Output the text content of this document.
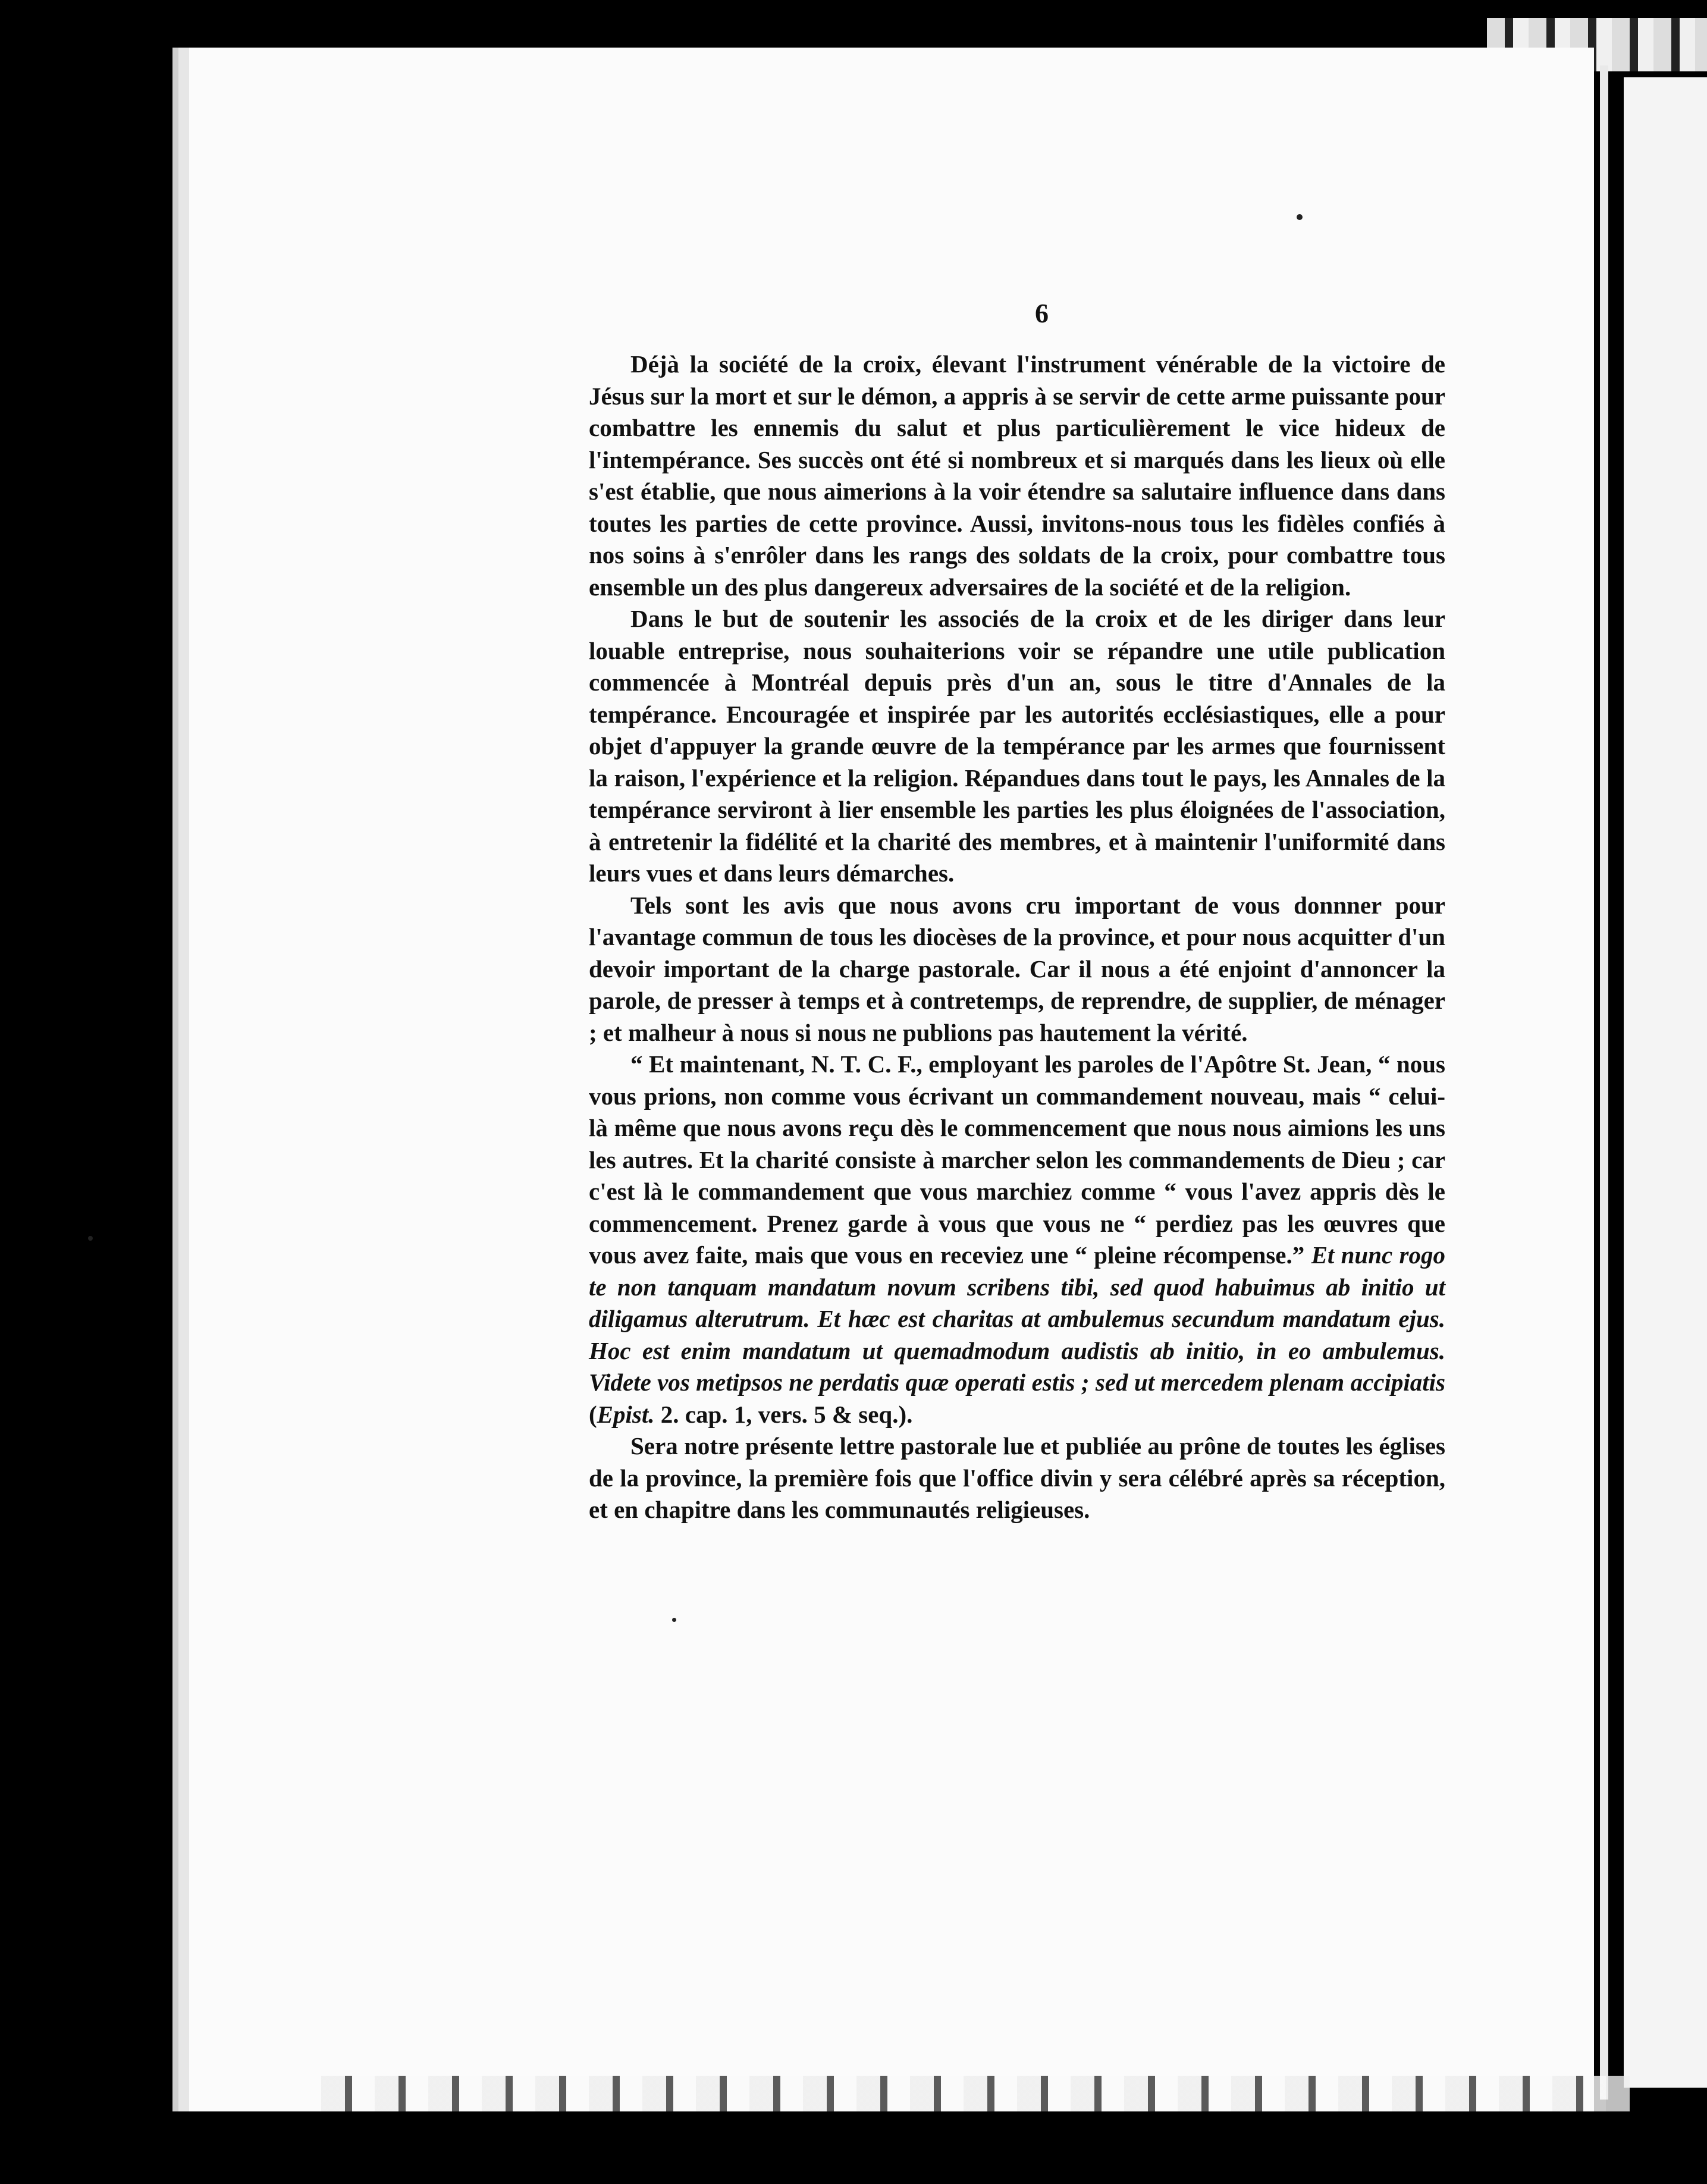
6

Déjà la société de la croix, élevant l'instrument vénérable de la victoire de Jésus sur la mort et sur le démon, a appris à se servir de cette arme puissante pour combattre les ennemis du salut et plus particulièrement le vice hideux de l'intempérance. Ses succès ont été si nombreux et si marqués dans les lieux où elle s'est établie, que nous aimerions à la voir étendre sa salutaire influence dans dans toutes les parties de cette province. Aussi, invitons-nous tous les fidèles confiés à nos soins à s'enrôler dans les rangs des soldats de la croix, pour combattre tous ensemble un des plus dangereux adversaires de la société et de la religion.

Dans le but de soutenir les associés de la croix et de les diriger dans leur louable entreprise, nous souhaiterions voir se répandre une utile publication commencée à Montréal depuis près d'un an, sous le titre d'Annales de la tempérance. Encouragée et inspirée par les autorités ecclésiastiques, elle a pour objet d'appuyer la grande œuvre de la tempérance par les armes que fournissent la raison, l'expérience et la religion. Répandues dans tout le pays, les Annales de la tempérance serviront à lier ensemble les parties les plus éloignées de l'association, à entretenir la fidélité et la charité des membres, et à maintenir l'uniformité dans leurs vues et dans leurs démarches.

Tels sont les avis que nous avons cru important de vous donnner pour l'avantage commun de tous les diocèses de la province, et pour nous acquitter d'un devoir important de la charge pastorale. Car il nous a été enjoint d'annoncer la parole, de presser à temps et à contretemps, de reprendre, de supplier, de ménager ; et malheur à nous si nous ne publions pas hautement la vérité.

“ Et maintenant, N. T. C. F., employant les paroles de l'Apôtre St. Jean, “ nous vous prions, non comme vous écrivant un commandement nouveau, mais “ celui-là même que nous avons reçu dès le commencement que nous nous aimions les uns les autres. Et la charité consiste à marcher selon les commandements de Dieu ; car c'est là le commandement que vous marchiez comme “ vous l'avez appris dès le commencement. Prenez garde à vous que vous ne “ perdiez pas les œuvres que vous avez faite, mais que vous en receviez une “ pleine récompense.” Et nunc rogo te non tanquam mandatum novum scribens tibi, sed quod habuimus ab initio ut diligamus alterutrum. Et hæc est charitas at ambulemus secundum mandatum ejus. Hoc est enim mandatum ut quemadmodum audistis ab initio, in eo ambulemus. Videte vos metipsos ne perdatis quæ operati estis ; sed ut mercedem plenam accipiatis (Epist. 2. cap. 1, vers. 5 & seq.).

Sera notre présente lettre pastorale lue et publiée au prône de toutes les églises de la province, la première fois que l'office divin y sera célébré après sa réception, et en chapitre dans les communautés religieuses.
